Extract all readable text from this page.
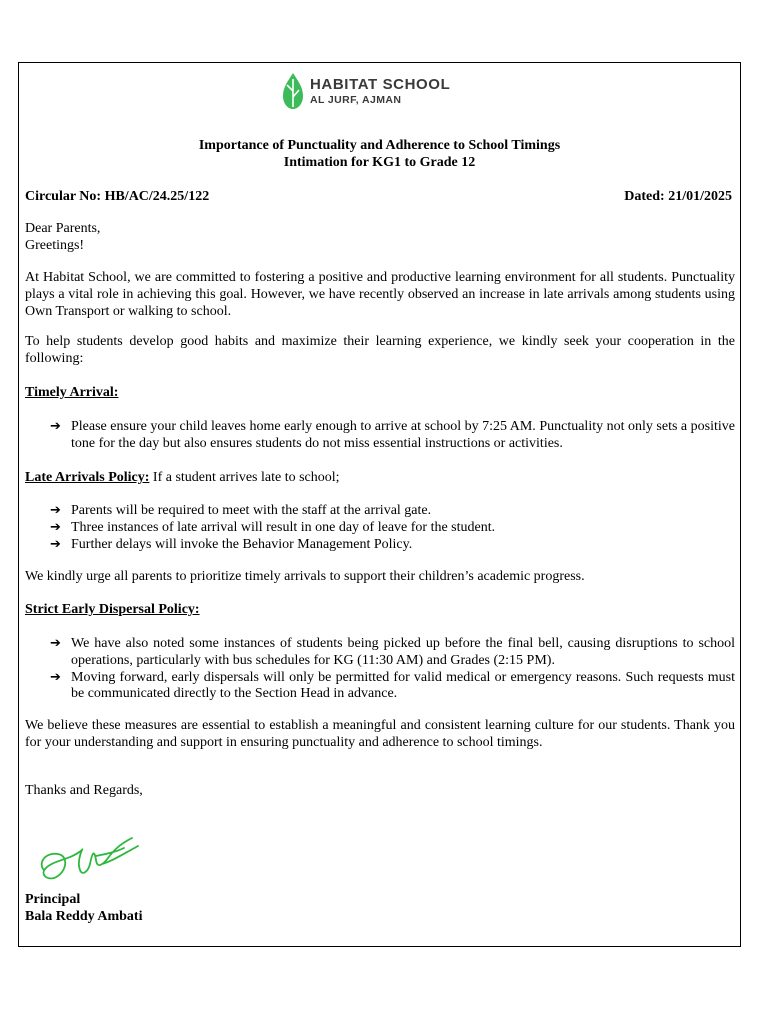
HABITAT SCHOOL
AL JURF, AJMAN
Importance of Punctuality and Adherence to School Timings
Intimation for KG1 to Grade 12
Circular No: HB/AC/24.25/122	Dated: 21/01/2025
Dear Parents,
Greetings!

At Habitat School, we are committed to fostering a positive and productive learning environment for all students. Punctuality plays a vital role in achieving this goal. However, we have recently observed an increase in late arrivals among students using Own Transport or walking to school.

To help students develop good habits and maximize their learning experience, we kindly seek your cooperation in the following:

Timely Arrival:
➔ Please ensure your child leaves home early enough to arrive at school by 7:25 AM. Punctuality not only sets a positive tone for the day but also ensures students do not miss essential instructions or activities.
Late Arrivals Policy: If a student arrives late to school;
➔ Parents will be required to meet with the staff at the arrival gate.
➔ Three instances of late arrival will result in one day of leave for the student.
➔ Further delays will invoke the Behavior Management Policy.

We kindly urge all parents to prioritize timely arrivals to support their children’s academic progress.

Strict Early Dispersal Policy:
➔ We have also noted some instances of students being picked up before the final bell, causing disruptions to school operations, particularly with bus schedules for KG (11:30 AM) and Grades (2:15 PM).
➔ Moving forward, early dispersals will only be permitted for valid medical or emergency reasons. Such requests must be communicated directly to the Section Head in advance.

We believe these measures are essential to establish a meaningful and consistent learning culture for our students. Thank you for your understanding and support in ensuring punctuality and adherence to school timings.

Thanks and Regards,
Principal
Bala Reddy Ambati
